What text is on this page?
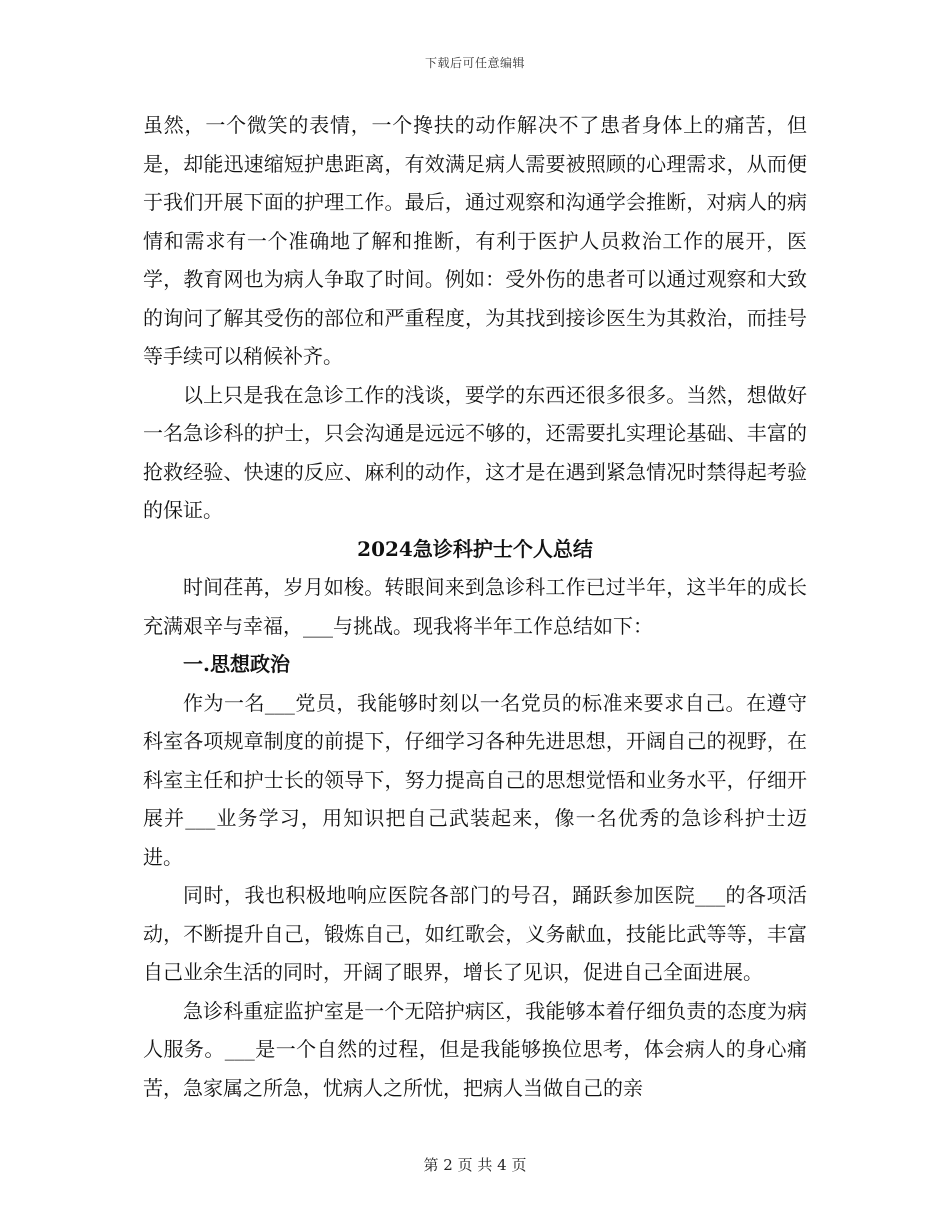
下载后可任意编辑

虽然，一个微笑的表情，一个搀扶的动作解决不了患者身体上的痛苦，但是，却能迅速缩短护患距离，有效满足病人需要被照顾的心理需求，从而便于我们开展下面的护理工作。最后，通过观察和沟通学会推断，对病人的病情和需求有一个准确地了解和推断，有利于医护人员救治工作的展开，医学，教育网也为病人争取了时间。例如：受外伤的患者可以通过观察和大致的询问了解其受伤的部位和严重程度，为其找到接诊医生为其救治，而挂号等手续可以稍候补齐。

以上只是我在急诊工作的浅谈，要学的东西还很多很多。当然，想做好一名急诊科的护士，只会沟通是远远不够的，还需要扎实理论基础、丰富的抢救经验、快速的反应、麻利的动作，这才是在遇到紧急情况时禁得起考验的保证。

2024急诊科护士个人总结

时间荏苒，岁月如梭。转眼间来到急诊科工作已过半年，这半年的成长充满艰辛与幸福，___与挑战。现我将半年工作总结如下：

一.思想政治

作为一名___党员，我能够时刻以一名党员的标准来要求自己。在遵守科室各项规章制度的前提下，仔细学习各种先进思想，开阔自己的视野，在科室主任和护士长的领导下，努力提高自己的思想觉悟和业务水平，仔细开展并___业务学习，用知识把自己武装起来，像一名优秀的急诊科护士迈进。

同时，我也积极地响应医院各部门的号召，踊跃参加医院___的各项活动，不断提升自己，锻炼自己，如红歌会，义务献血，技能比武等等，丰富自己业余生活的同时，开阔了眼界，增长了见识，促进自己全面进展。

急诊科重症监护室是一个无陪护病区，我能够本着仔细负责的态度为病人服务。___是一个自然的过程，但是我能够换位思考，体会病人的身心痛苦，急家属之所急，忧病人之所忧，把病人当做自己的亲

第 2 页 共 4 页
